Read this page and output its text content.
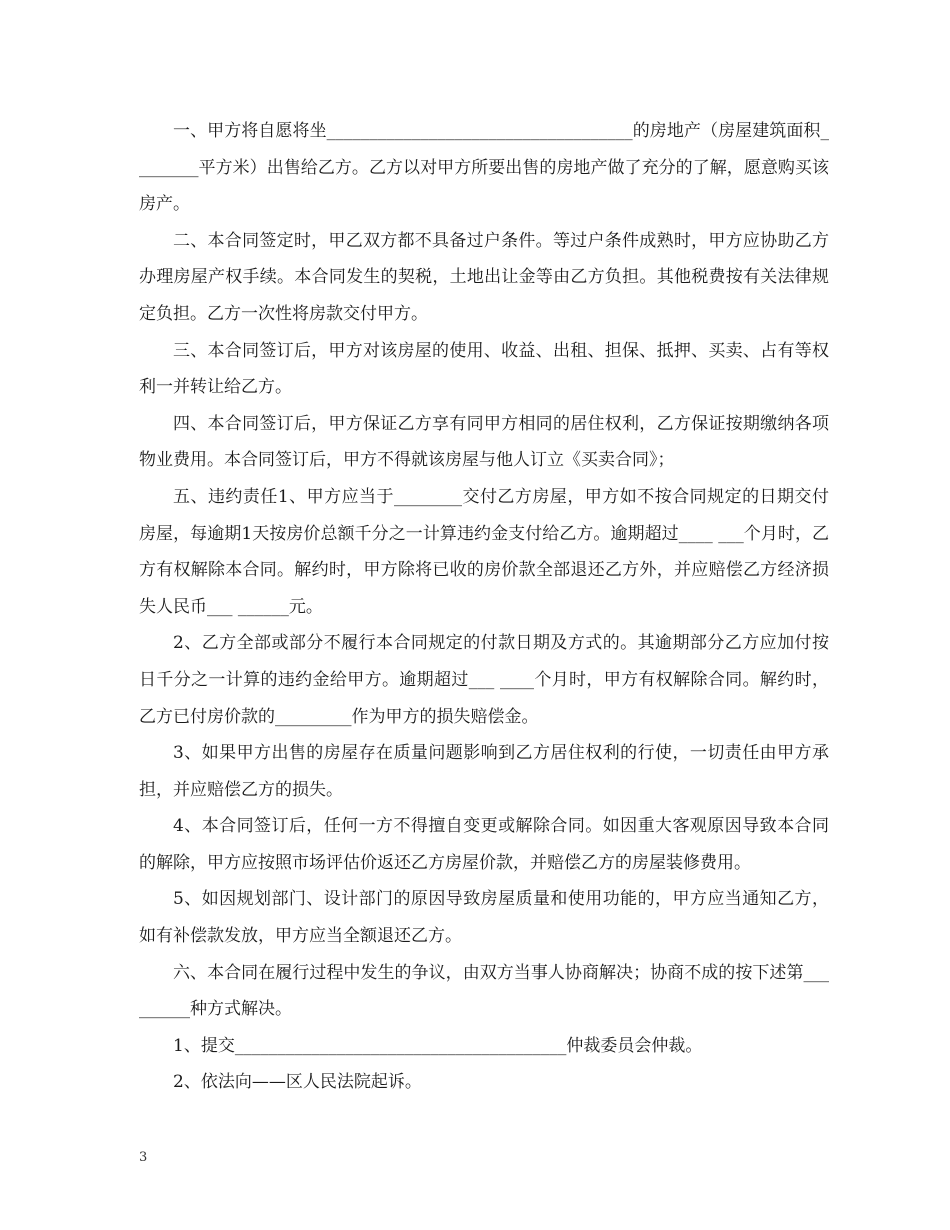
一、甲方将自愿将坐____________________________________的房地产（房屋建筑面积________平方米）出售给乙方。乙方以对甲方所要出售的房地产做了充分的了解，愿意购买该房产。

二、本合同签定时，甲乙双方都不具备过户条件。等过户条件成熟时，甲方应协助乙方办理房屋产权手续。本合同发生的契税，土地出让金等由乙方负担。其他税费按有关法律规定负担。乙方一次性将房款交付甲方。

三、本合同签订后，甲方对该房屋的使用、收益、出租、担保、抵押、买卖、占有等权利一并转让给乙方。

四、本合同签订后，甲方保证乙方享有同甲方相同的居住权利，乙方保证按期缴纳各项物业费用。本合同签订后，甲方不得就该房屋与他人订立《买卖合同》；

五、违约责任1、甲方应当于________交付乙方房屋，甲方如不按合同规定的日期交付房屋，每逾期1天按房价总额千分之一计算违约金支付给乙方。逾期超过____ ___个月时，乙方有权解除本合同。解约时，甲方除将已收的房价款全部退还乙方外，并应赔偿乙方经济损失人民币___ ______元。

2、乙方全部或部分不履行本合同规定的付款日期及方式的。其逾期部分乙方应加付按日千分之一计算的违约金给甲方。逾期超过___ ____个月时，甲方有权解除合同。解约时， 乙方已付房价款的_________作为甲方的损失赔偿金。

3、如果甲方出售的房屋存在质量问题影响到乙方居住权利的行使，一切责任由甲方承担，并应赔偿乙方的损失。

4、本合同签订后，任何一方不得擅自变更或解除合同。如因重大客观原因导致本合同的解除，甲方应按照市场评估价返还乙方房屋价款，并赔偿乙方的房屋装修费用。

5、如因规划部门、设计部门的原因导致房屋质量和使用功能的，甲方应当通知乙方，如有补偿款发放，甲方应当全额退还乙方。

六、本合同在履行过程中发生的争议，由双方当事人协商解决；协商不成的按下述第_________种方式解决。

1、提交_______________________________________仲裁委员会仲裁。

2、依法向——区人民法院起诉。

3
